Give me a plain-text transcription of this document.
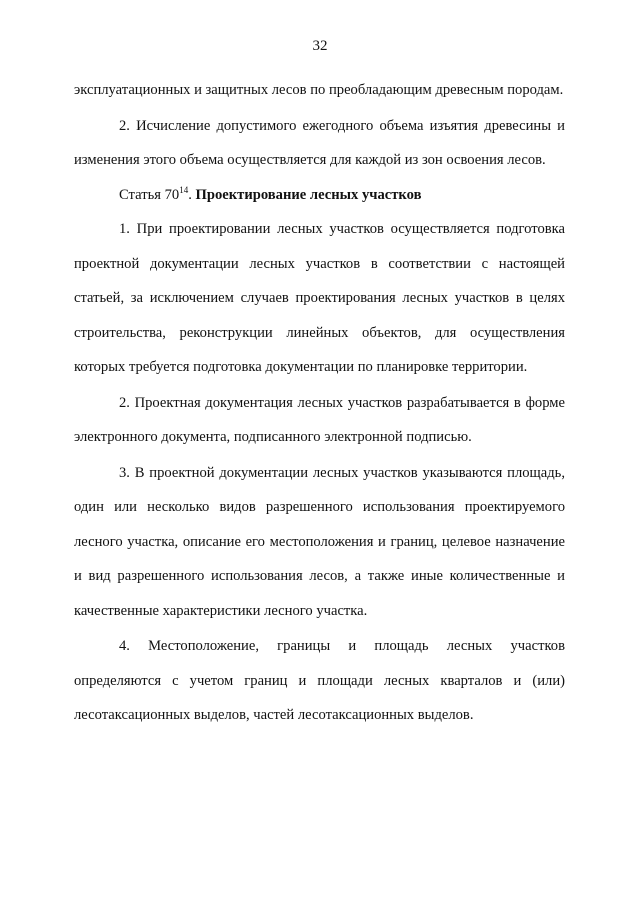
32

эксплуатационных и защитных лесов по преобладающим древесным породам.

2. Исчисление допустимого ежегодного объема изъятия древесины и изменения этого объема осуществляется для каждой из зон освоения лесов.

Статья $70^{14}$. Проектирование лесных участков

1. При проектировании лесных участков осуществляется подготовка проектной документации лесных участков в соответствии с настоящей статьей, за исключением случаев проектирования лесных участков в целях строительства, реконструкции линейных объектов, для осуществления которых требуется подготовка документации по планировке территории.

2. Проектная документация лесных участков разрабатывается в форме электронного документа, подписанного электронной подписью.

3. В проектной документации лесных участков указываются площадь, один или несколько видов разрешенного использования проектируемого лесного участка, описание его местоположения и границ, целевое назначение и вид разрешенного использования лесов, а также иные количественные и качественные характеристики лесного участка.

4. Местоположение, границы и площадь лесных участков определяются с учетом границ и площади лесных кварталов и (или) лесотаксационных выделов, частей лесотаксационных выделов.
